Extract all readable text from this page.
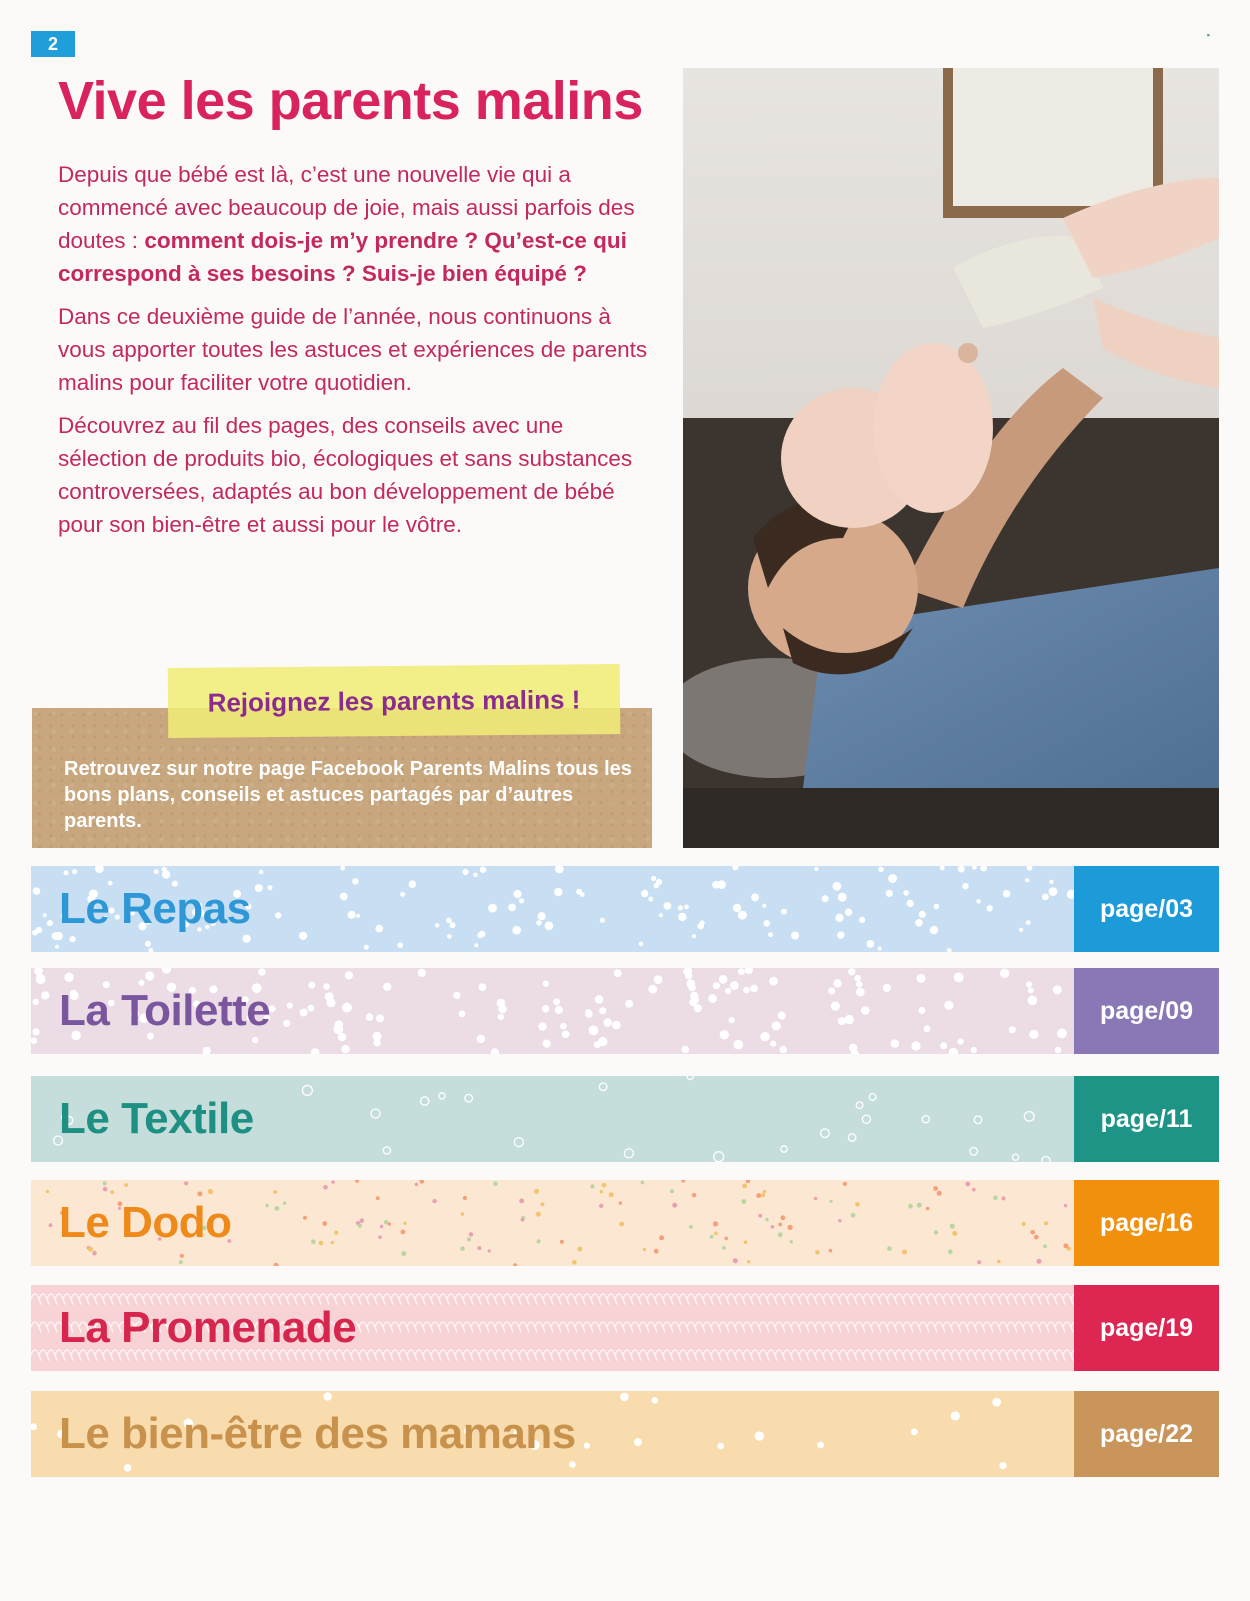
2	▪
Vive les parents malins

Depuis que bébé est là, c’est une nouvelle vie qui a commencé avec beaucoup de joie, mais aussi parfois des doutes : comment dois-je m’y prendre ? Qu’est-ce qui correspond à ses besoins ? Suis-je bien équipé ?

Dans ce deuxième guide de l’année, nous continuons à vous apporter toutes les astuces et expériences de parents malins pour faciliter votre quotidien.

Découvrez au fil des pages, des conseils avec une sélection de produits bio, écologiques et sans substances controversées, adaptés au bon développement de bébé pour son bien-être et aussi pour le vôtre.

Rejoignez les parents malins !
Retrouvez sur notre page Facebook Parents Malins tous les bons plans, conseils et astuces partagés par d’autres parents.
Le Repas	page/03
La Toilette	page/09
Le Textile	page/11
Le Dodo	page/16
La Promenade	page/19
Le bien-être des mamans	page/22
